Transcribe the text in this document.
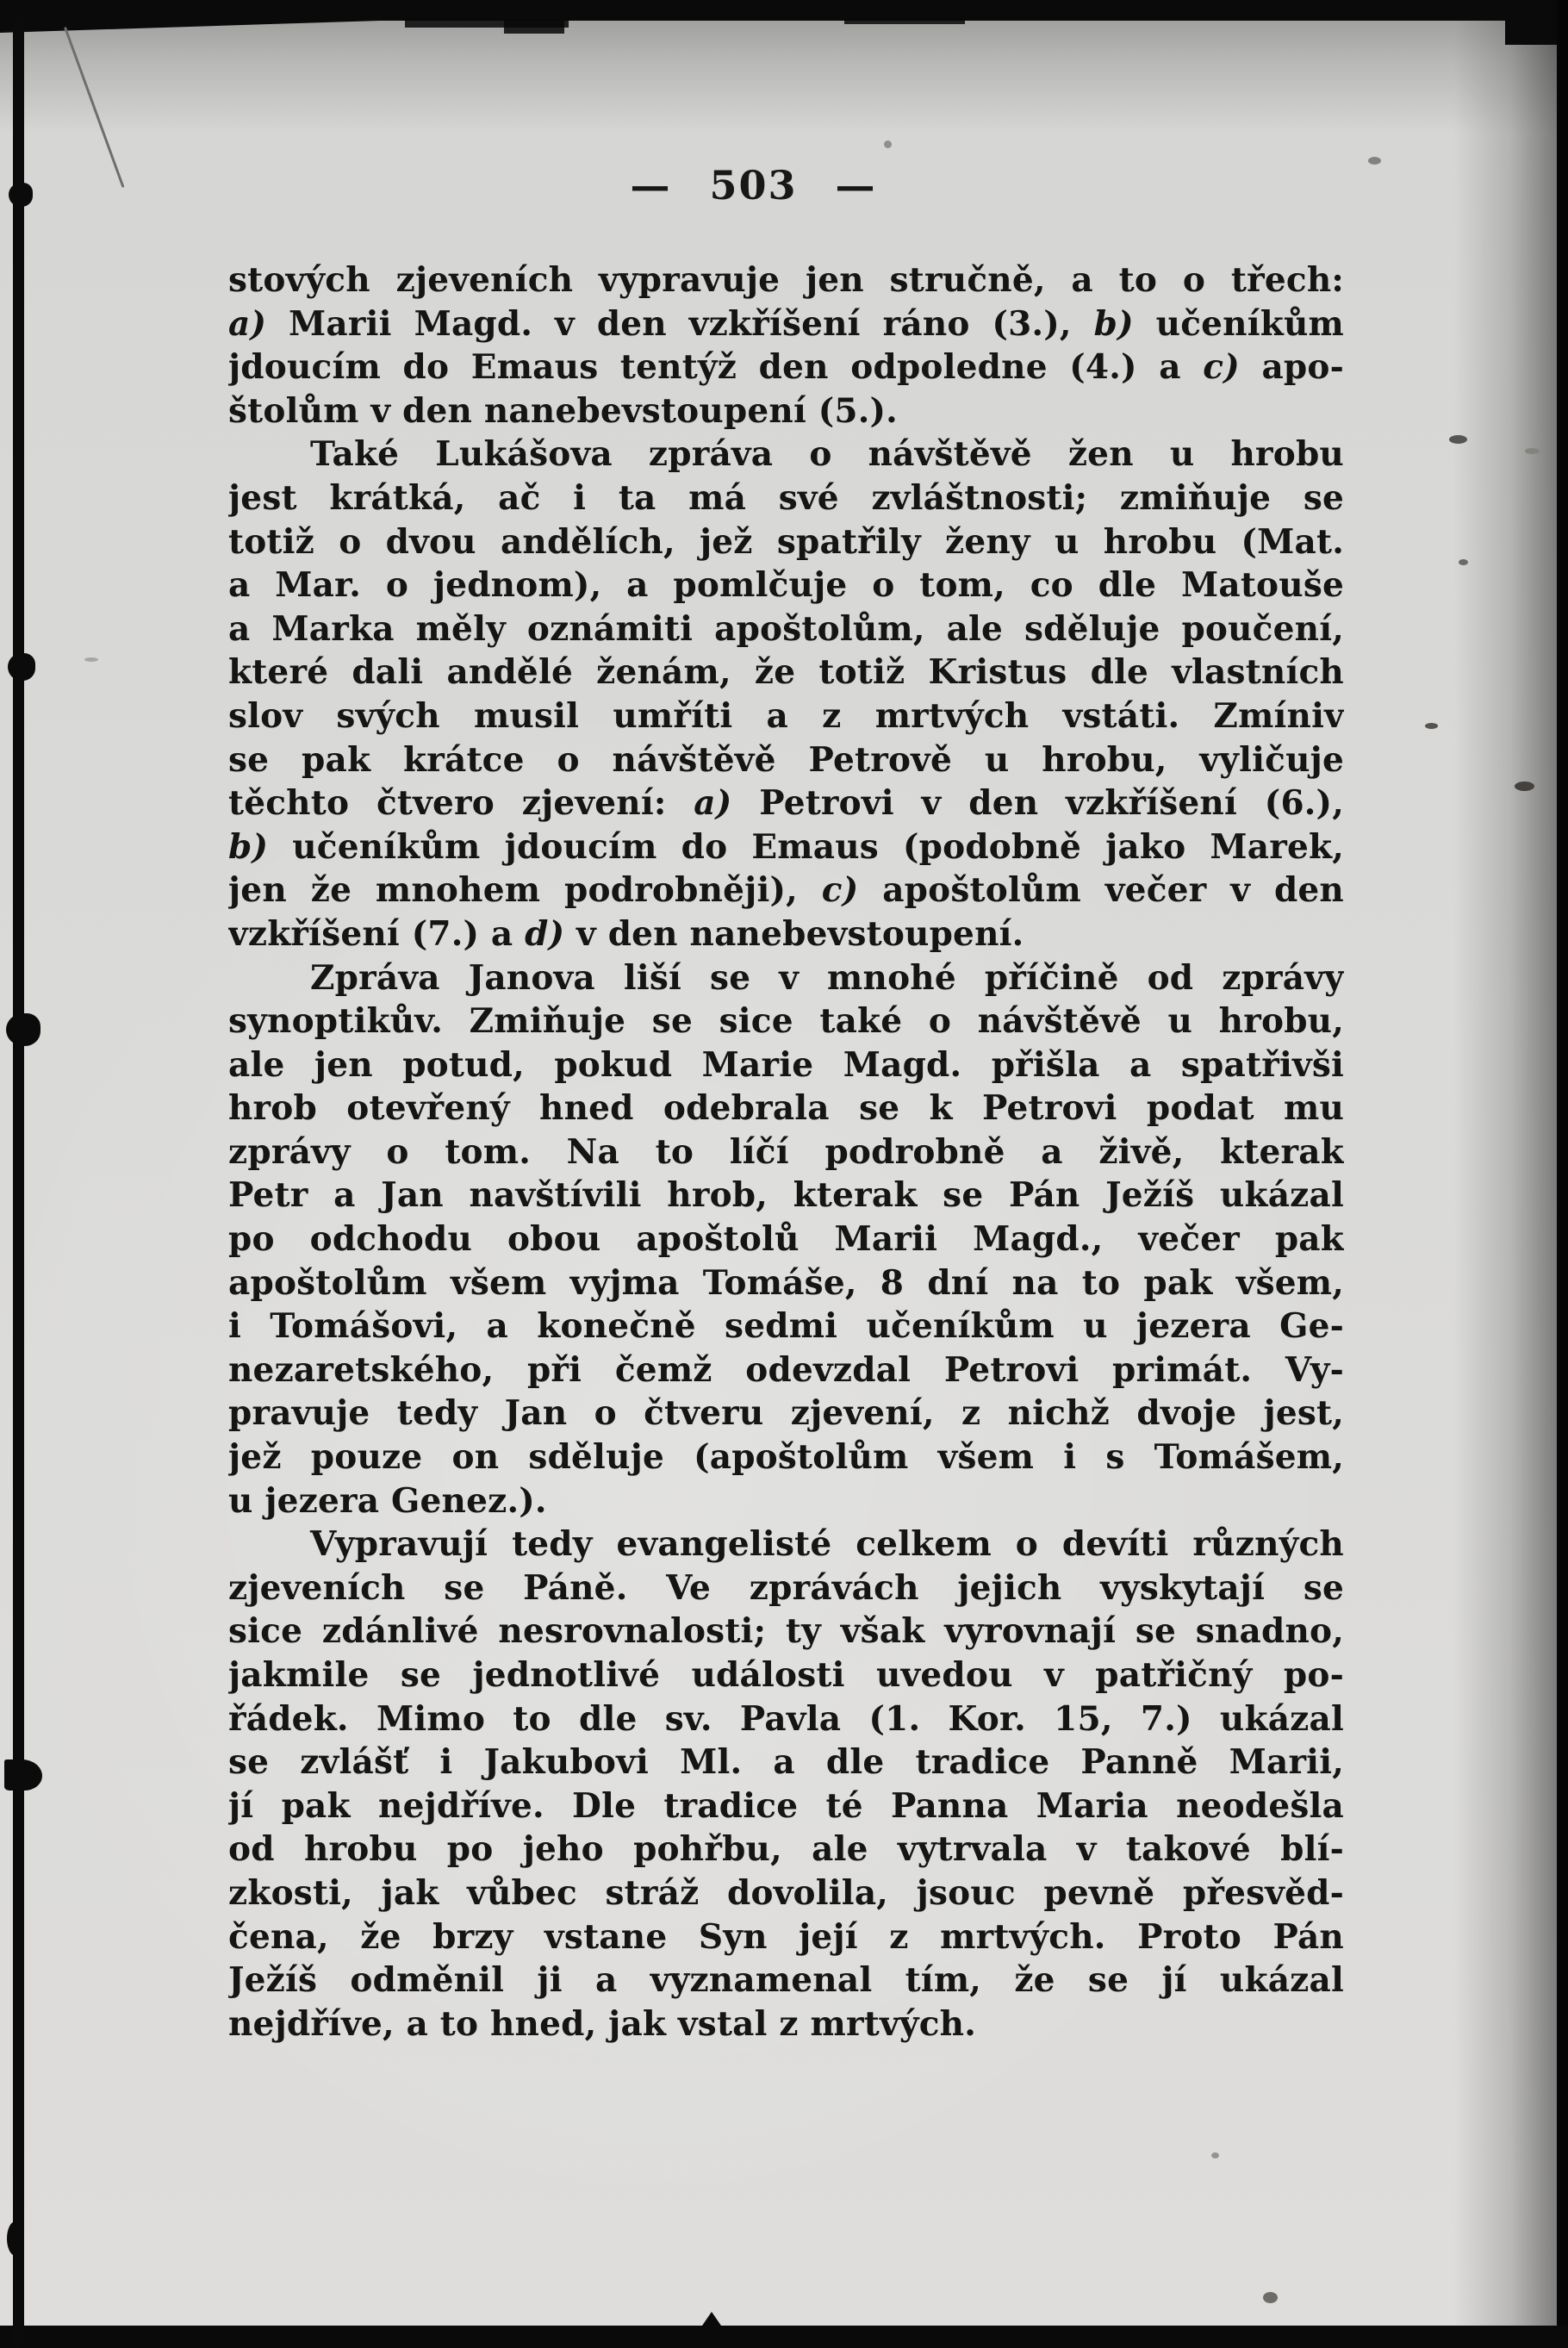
— 503 —
stových zjeveních vypravuje jen stručně, a to o třech:
a) Marii Magd. v den vzkříšení ráno (3.), b) učeníkům
jdoucím do Emaus tentýž den odpoledne (4.) a c) apo-
štolům v den nanebevstoupení (5.).
Také Lukášova zpráva o návštěvě žen u hrobu
jest krátká, ač i ta má své zvláštnosti; zmiňuje se
totiž o dvou andělích, jež spatřily ženy u hrobu (Mat.
a Mar. o jednom), a pomlčuje o tom, co dle Matouše
a Marka měly oznámiti apoštolům, ale sděluje poučení,
které dali andělé ženám, že totiž Kristus dle vlastních
slov svých musil umříti a z mrtvých vstáti. Zmíniv
se pak krátce o návštěvě Petrově u hrobu, vyličuje
těchto čtvero zjevení: a) Petrovi v den vzkříšení (6.),
b) učeníkům jdoucím do Emaus (podobně jako Marek,
jen že mnohem podrobněji), c) apoštolům večer v den
vzkříšení (7.) a d) v den nanebevstoupení.
Zpráva Janova liší se v mnohé příčině od zprávy
synoptikův. Zmiňuje se sice také o návštěvě u hrobu,
ale jen potud, pokud Marie Magd. přišla a spatřivši
hrob otevřený hned odebrala se k Petrovi podat mu
zprávy o tom. Na to líčí podrobně a živě, kterak
Petr a Jan navštívili hrob, kterak se Pán Ježíš ukázal
po odchodu obou apoštolů Marii Magd., večer pak
apoštolům všem vyjma Tomáše, 8 dní na to pak všem,
i Tomášovi, a konečně sedmi učeníkům u jezera Ge-
nezaretského, při čemž odevzdal Petrovi primát. Vy-
pravuje tedy Jan o čtveru zjevení, z nichž dvoje jest,
jež pouze on sděluje (apoštolům všem i s Tomášem,
u jezera Genez.).
Vypravují tedy evangelisté celkem o devíti různých
zjeveních se Páně. Ve zprávách jejich vyskytají se
sice zdánlivé nesrovnalosti; ty však vyrovnají se snadno,
jakmile se jednotlivé události uvedou v patřičný po-
řádek. Mimo to dle sv. Pavla (1. Kor. 15, 7.) ukázal
se zvlášť i Jakubovi Ml. a dle tradice Panně Marii,
jí pak nejdříve. Dle tradice té Panna Maria neodešla
od hrobu po jeho pohřbu, ale vytrvala v takové blí-
zkosti, jak vůbec stráž dovolila, jsouc pevně přesvěd-
čena, že brzy vstane Syn její z mrtvých. Proto Pán
Ježíš odměnil ji a vyznamenal tím, že se jí ukázal
nejdříve, a to hned, jak vstal z mrtvých.
